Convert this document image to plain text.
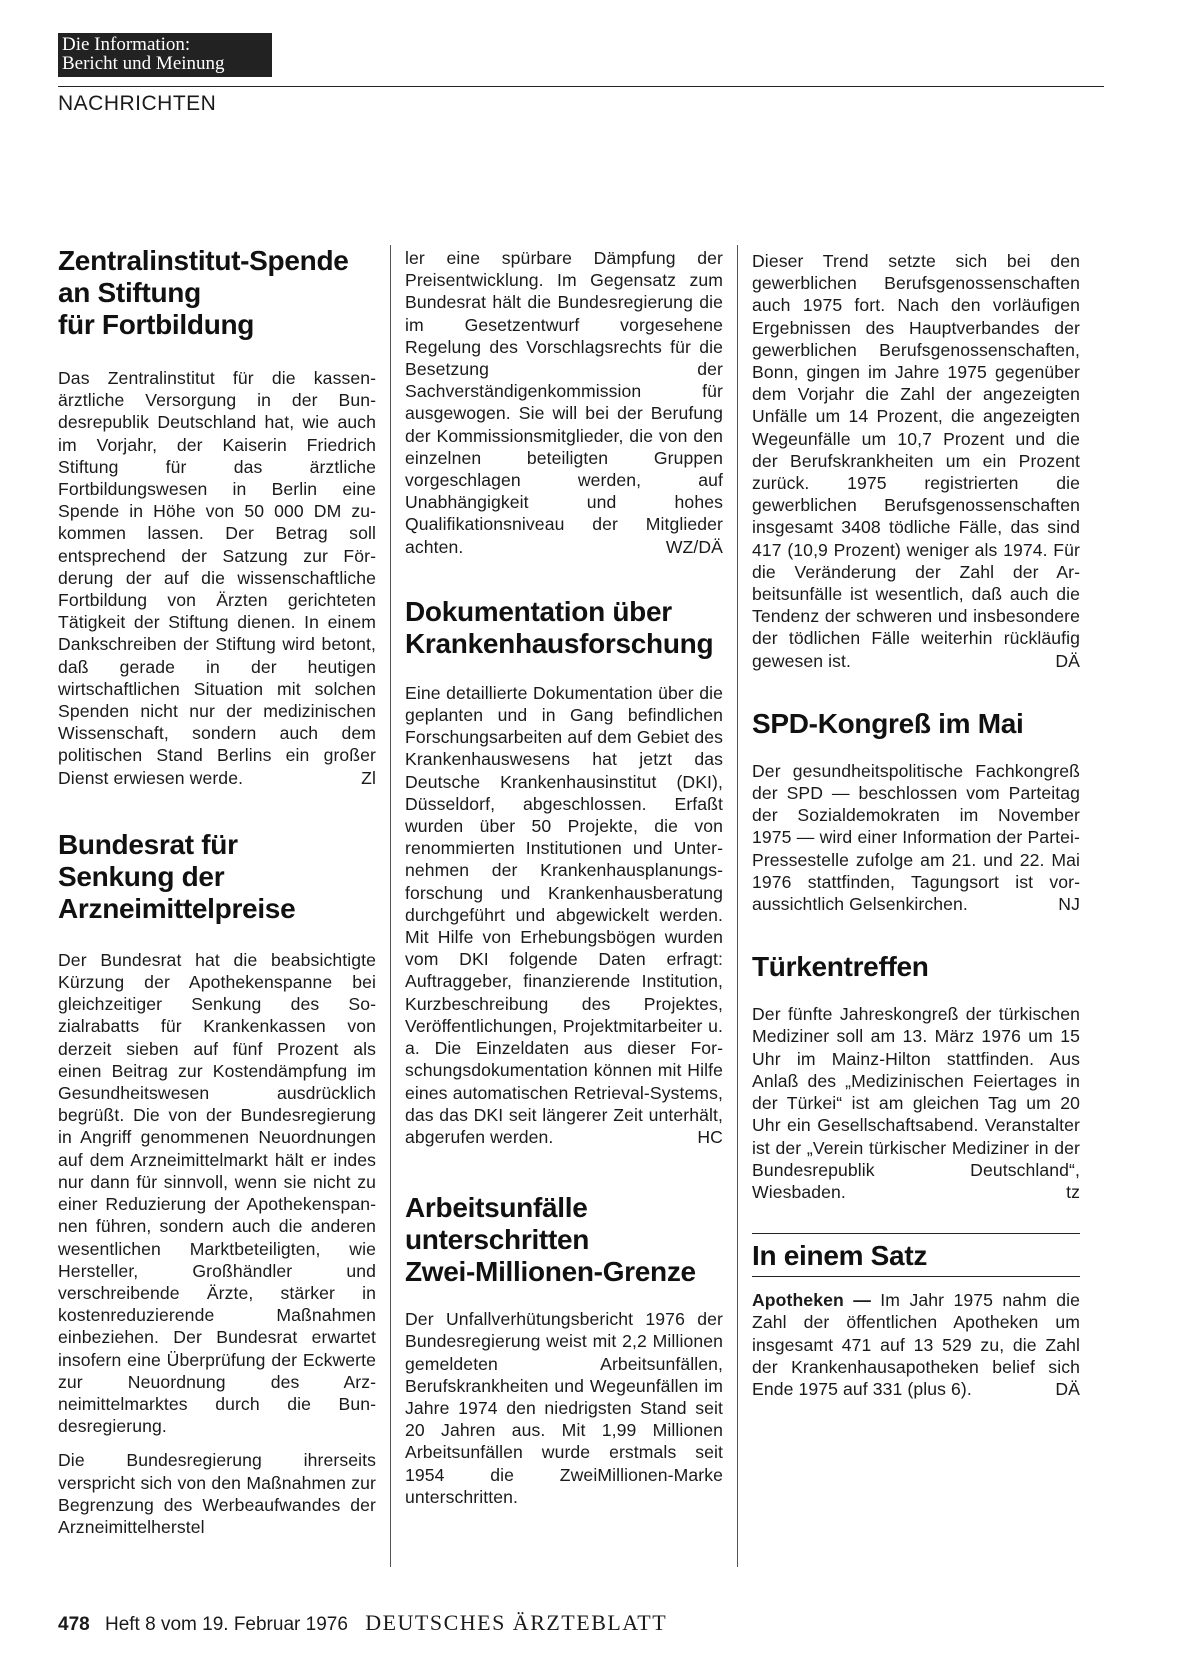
Die Information:
Bericht und Meinung
NACHRICHTEN
Zentralinstitut-Spende
an Stiftung
für Fortbildung

Das Zentralinstitut für die kassenärztliche Versorgung in der Bundesrepublik Deutschland hat, wie auch im Vorjahr, der Kaiserin Friedrich Stiftung für das ärztliche Fortbildungswesen in Berlin eine Spende in Höhe von 50 000 DM zukommen lassen. Der Betrag soll entsprechend der Satzung zur Förderung der auf die wissenschaftliche Fortbildung von Ärzten gerichteten Tätigkeit der Stiftung dienen. In einem Dankschreiben der Stiftung wird betont, daß gerade in der heutigen wirtschaftlichen Situation mit solchen Spenden nicht nur der medizinischen Wissenschaft, sondern auch dem politischen Stand Berlins ein großer Dienst erwiesen werde.	Zl

Bundesrat für
Senkung der
Arzneimittelpreise

Der Bundesrat hat die beabsichtigte Kürzung der Apothekenspanne bei gleichzeitiger Senkung des Sozialrabatts für Krankenkassen von derzeit sieben auf fünf Prozent als einen Beitrag zur Kostendämpfung im Gesundheitswesen ausdrücklich begrüßt. Die von der Bundesregierung in Angriff genommenen Neuordnungen auf dem Arzneimittelmarkt hält er indes nur dann für sinnvoll, wenn sie nicht zu einer Reduzierung der Apothekenspannen führen, sondern auch die anderen wesentlichen Marktbeteiligten, wie Hersteller, Großhändler und verschreibende Ärzte, stärker in kostenreduzierende Maßnahmen einbeziehen. Der Bundesrat erwartet insofern eine Überprüfung der Eckwerte zur Neuordnung des Arzneimittelmarktes durch die Bundesregierung.

Die Bundesregierung ihrerseits verspricht sich von den Maßnahmen zur Begrenzung des Werbeaufwandes der Arzneimittelherstel

ler eine spürbare Dämpfung der Preisentwicklung. Im Gegensatz zum Bundesrat hält die Bundesregierung die im Gesetzentwurf vorgesehene Regelung des Vorschlagsrechts für die Besetzung der Sachverständigenkommission für ausgewogen. Sie will bei der Berufung der Kommissionsmitglieder, die von den einzelnen beteiligten Gruppen vorgeschlagen werden, auf Unabhängigkeit und hohes Qualifikationsniveau der Mitglieder achten.	WZ/DÄ

Dokumentation über
Krankenhausforschung

Eine detaillierte Dokumentation über die geplanten und in Gang befindlichen Forschungsarbeiten auf dem Gebiet des Krankenhauswesens hat jetzt das Deutsche Krankenhausinstitut (DKI), Düsseldorf, abgeschlossen. Erfaßt wurden über 50 Projekte, die von renommierten Institutionen und Unternehmen der Krankenhausplanungsforschung und Krankenhausberatung durchgeführt und abgewickelt werden. Mit Hilfe von Erhebungsbögen wurden vom DKI folgende Daten erfragt: Auftraggeber, finanzierende Institution, Kurzbeschreibung des Projektes, Veröffentlichungen, Projektmitarbeiter u. a. Die Einzeldaten aus dieser Forschungsdokumentation können mit Hilfe eines automatischen Retrieval-Systems, das das DKI seit längerer Zeit unterhält, abgerufen werden.	HC

Arbeitsunfälle
unterschritten
Zwei-Millionen-Grenze

Der Unfallverhütungsbericht 1976 der Bundesregierung weist mit 2,2 Millionen gemeldeten Arbeitsunfällen, Berufskrankheiten und Wegeunfällen im Jahre 1974 den niedrigsten Stand seit 20 Jahren aus. Mit 1,99 Millionen Arbeitsunfällen wurde erstmals seit 1954 die ZweiMillionen-Marke unterschritten.

Dieser Trend setzte sich bei den gewerblichen Berufsgenossenschaften auch 1975 fort. Nach den vorläufigen Ergebnissen des Hauptverbandes der gewerblichen Berufsgenossenschaften, Bonn, gingen im Jahre 1975 gegenüber dem Vorjahr die Zahl der angezeigten Unfälle um 14 Prozent, die angezeigten Wegeunfälle um 10,7 Prozent und die der Berufskrankheiten um ein Prozent zurück. 1975 registrierten die gewerblichen Berufsgenossenschaften insgesamt 3408 tödliche Fälle, das sind 417 (10,9 Prozent) weniger als 1974. Für die Veränderung der Zahl der Arbeitsunfälle ist wesentlich, daß auch die Tendenz der schweren und insbesondere der tödlichen Fälle weiterhin rückläufig gewesen ist.	DÄ

SPD-Kongreß im Mai

Der gesundheitspolitische Fachkongreß der SPD — beschlossen vom Parteitag der Sozialdemokraten im November 1975 — wird einer Information der Partei-Pressestelle zufolge am 21. und 22. Mai 1976 stattfinden, Tagungsort ist voraussichtlich Gelsenkirchen.	NJ

Türkentreffen

Der fünfte Jahreskongreß der türkischen Mediziner soll am 13. März 1976 um 15 Uhr im Mainz-Hilton stattfinden. Aus Anlaß des „Medizinischen Feiertages in der Türkei“ ist am gleichen Tag um 20 Uhr ein Gesellschaftsabend. Veranstalter ist der „Verein türkischer Mediziner in der Bundesrepublik Deutschland“, Wiesbaden.	tz

In einem Satz

Apotheken — Im Jahr 1975 nahm die Zahl der öffentlichen Apotheken um insgesamt 471 auf 13 529 zu, die Zahl der Krankenhausapotheken belief sich Ende 1975 auf 331 (plus 6).	DÄ

478 Heft 8 vom 19. Februar 1976 DEUTSCHES ÄRZTEBLATT
